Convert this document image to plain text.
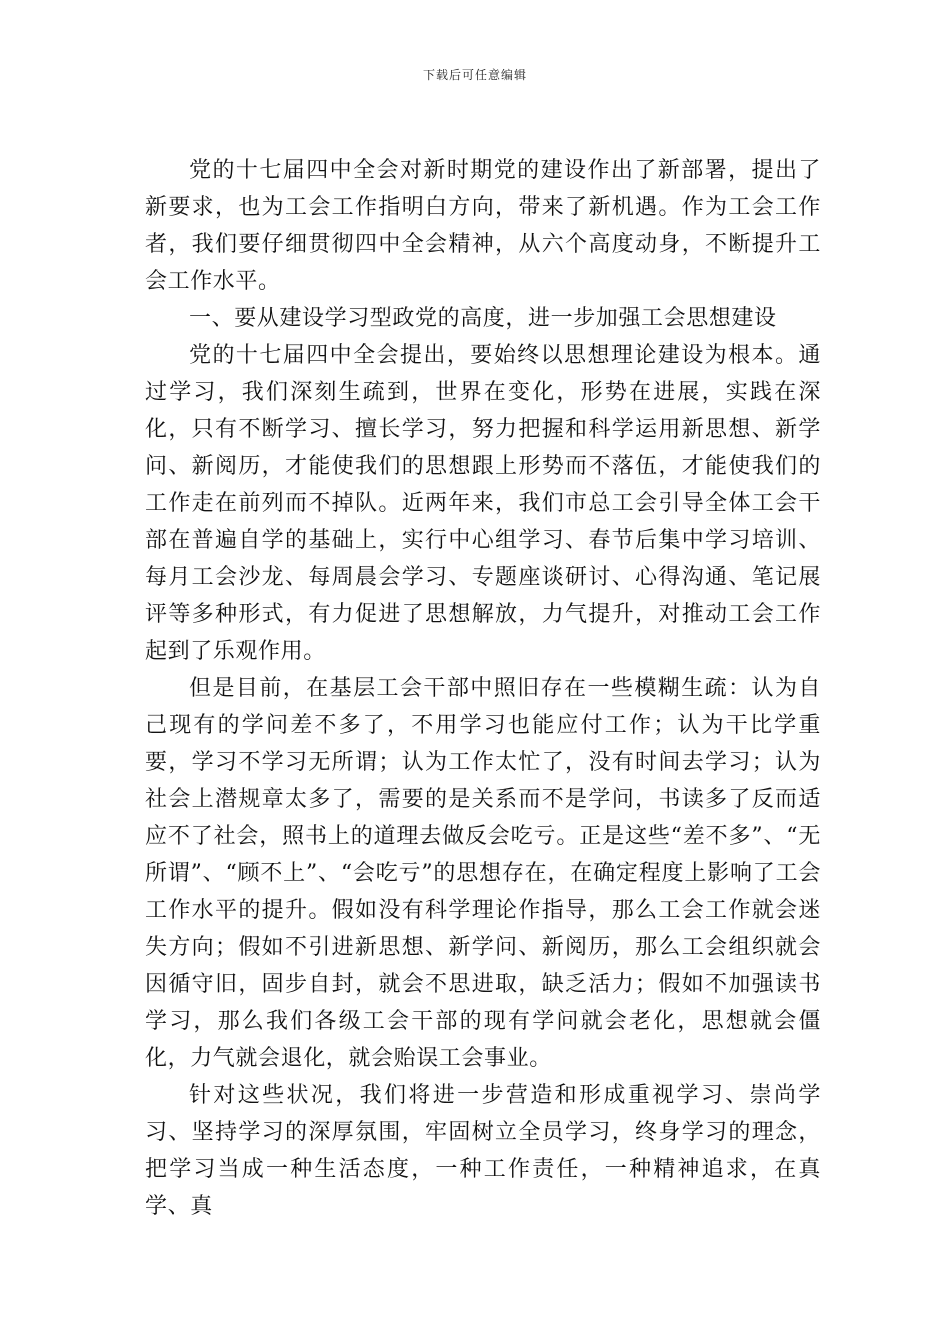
下载后可任意编辑

党的十七届四中全会对新时期党的建设作出了新部署，提出了新要求，也为工会工作指明白方向，带来了新机遇。作为工会工作者，我们要仔细贯彻四中全会精神，从六个高度动身，不断提升工会工作水平。

一、要从建设学习型政党的高度，进一步加强工会思想建设

党的十七届四中全会提出，要始终以思想理论建设为根本。通过学习，我们深刻生疏到，世界在变化，形势在进展，实践在深化，只有不断学习、擅长学习，努力把握和科学运用新思想、新学问、新阅历，才能使我们的思想跟上形势而不落伍，才能使我们的工作走在前列而不掉队。近两年来，我们市总工会引导全体工会干部在普遍自学的基础上，实行中心组学习、春节后集中学习培训、每月工会沙龙、每周晨会学习、专题座谈研讨、心得沟通、笔记展评等多种形式，有力促进了思想解放，力气提升，对推动工会工作起到了乐观作用。

但是目前，在基层工会干部中照旧存在一些模糊生疏：认为自己现有的学问差不多了，不用学习也能应付工作；认为干比学重要，学习不学习无所谓；认为工作太忙了，没有时间去学习；认为社会上潜规章太多了，需要的是关系而不是学问，书读多了反而适应不了社会，照书上的道理去做反会吃亏。正是这些“差不多”、“无所谓”、“顾不上”、“会吃亏”的思想存在，在确定程度上影响了工会工作水平的提升。假如没有科学理论作指导，那么工会工作就会迷失方向；假如不引进新思想、新学问、新阅历，那么工会组织就会因循守旧，固步自封，就会不思进取，缺乏活力；假如不加强读书学习，那么我们各级工会干部的现有学问就会老化，思想就会僵化，力气就会退化，就会贻误工会事业。

针对这些状况，我们将进一步营造和形成重视学习、崇尚学习、坚持学习的深厚氛围，牢固树立全员学习，终身学习的理念，把学习当成一种生活态度，一种工作责任，一种精神追求，在真学、真
